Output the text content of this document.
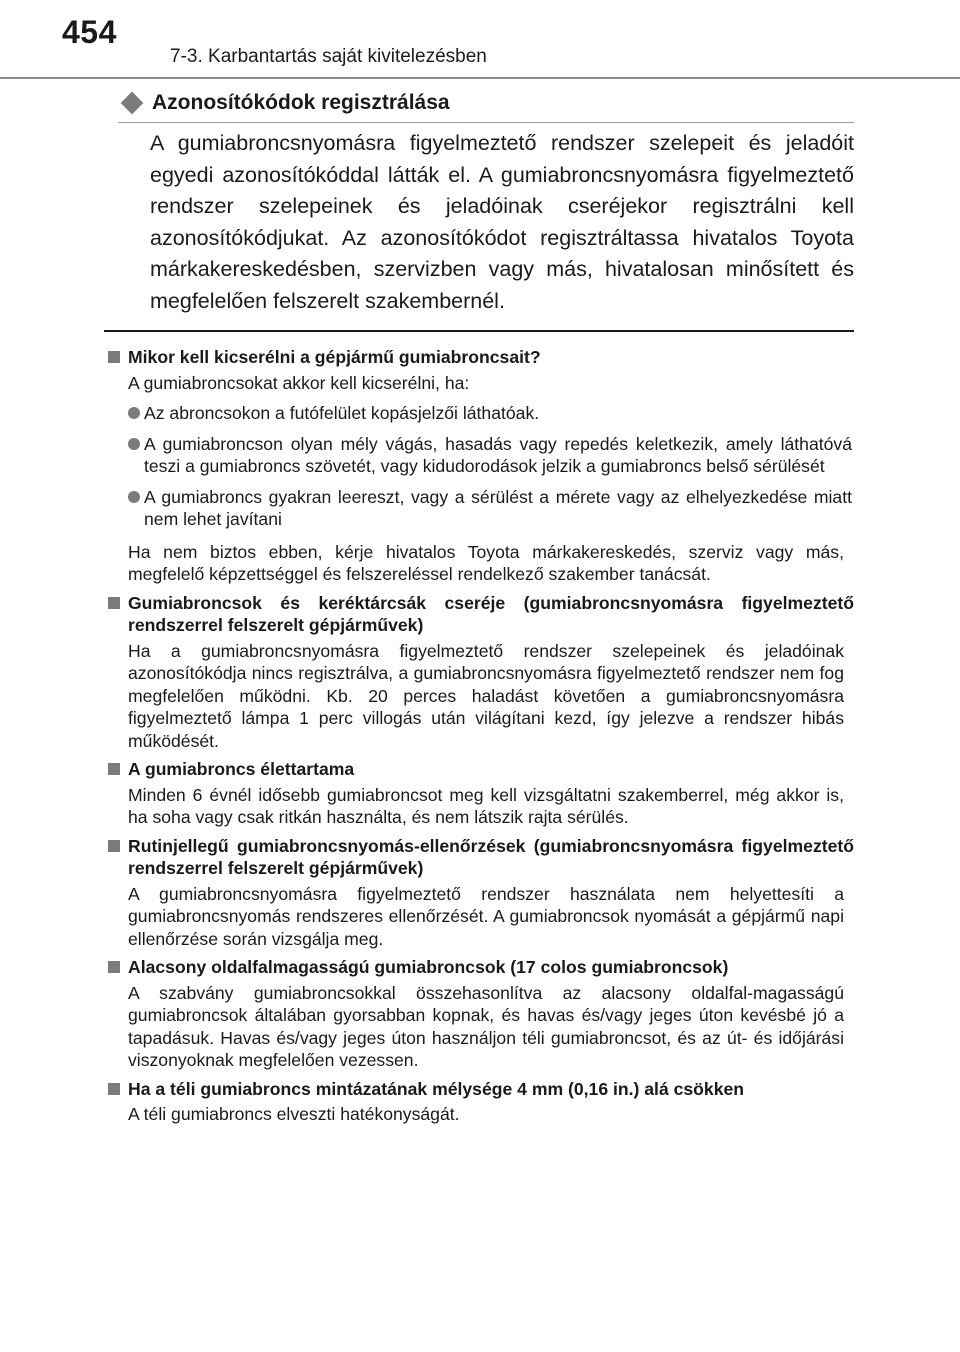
454
7-3. Karbantartás saját kivitelezésben
Azonosítókódok regisztrálása
A gumiabroncsnyomásra figyelmeztető rendszer szelepeit és jeladóit egyedi azonosítókóddal látták el. A gumiabroncsnyomásra figyelmeztető rendszer szelepeinek és jeladóinak cseréjekor regisztrálni kell azonosítókódjukat. Az azonosítókódot regisztráltassa hivatalos Toyota márkakereskedésben, szervizben vagy más, hivatalosan minősített és megfelelően felszerelt szakembernél.
Mikor kell kicserélni a gépjármű gumiabroncsait?
A gumiabroncsokat akkor kell kicserélni, ha:
Az abroncsokon a futófelület kopásjelzői láthatóak.
A gumiabroncson olyan mély vágás, hasadás vagy repedés keletkezik, amely láthatóvá teszi a gumiabroncs szövetét, vagy kidudorodások jelzik a gumiabroncs belső sérülését
A gumiabroncs gyakran leereszt, vagy a sérülést a mérete vagy az elhelyezkedése miatt nem lehet javítani
Ha nem biztos ebben, kérje hivatalos Toyota márkakereskedés, szerviz vagy más, megfelelő képzettséggel és felszereléssel rendelkező szakember tanácsát.
Gumiabroncsok és keréktárcsák cseréje (gumiabroncsnyomásra figyelmeztető rendszerrel felszerelt gépjárművek)
Ha a gumiabroncsnyomásra figyelmeztető rendszer szelepeinek és jeladóinak azonosítókódja nincs regisztrálva, a gumiabroncsnyomásra figyelmeztető rendszer nem fog megfelelően működni. Kb. 20 perces haladást követően a gumiabroncsnyomásra figyelmeztető lámpa 1 perc villogás után világítani kezd, így jelezve a rendszer hibás működését.
A gumiabroncs élettartama
Minden 6 évnél idősebb gumiabroncsot meg kell vizsgáltatni szakemberrel, még akkor is, ha soha vagy csak ritkán használta, és nem látszik rajta sérülés.
Rutinjellegű gumiabroncsnyomás-ellenőrzések (gumiabroncsnyomásra figyelmeztető rendszerrel felszerelt gépjárművek)
A gumiabroncsnyomásra figyelmeztető rendszer használata nem helyettesíti a gumiabroncsnyomás rendszeres ellenőrzését. A gumiabroncsok nyomását a gépjármű napi ellenőrzése során vizsgálja meg.
Alacsony oldalfalmagasságú gumiabroncsok (17 colos gumiabroncsok)
A szabvány gumiabroncsokkal összehasonlítva az alacsony oldalfal-magasságú gumiabroncsok általában gyorsabban kopnak, és havas és/vagy jeges úton kevésbé jó a tapadásuk. Havas és/vagy jeges úton használjon téli gumiabroncsot, és az út- és időjárási viszonyoknak megfelelően vezessen.
Ha a téli gumiabroncs mintázatának mélysége 4 mm (0,16 in.) alá csökken
A téli gumiabroncs elveszti hatékonyságát.
